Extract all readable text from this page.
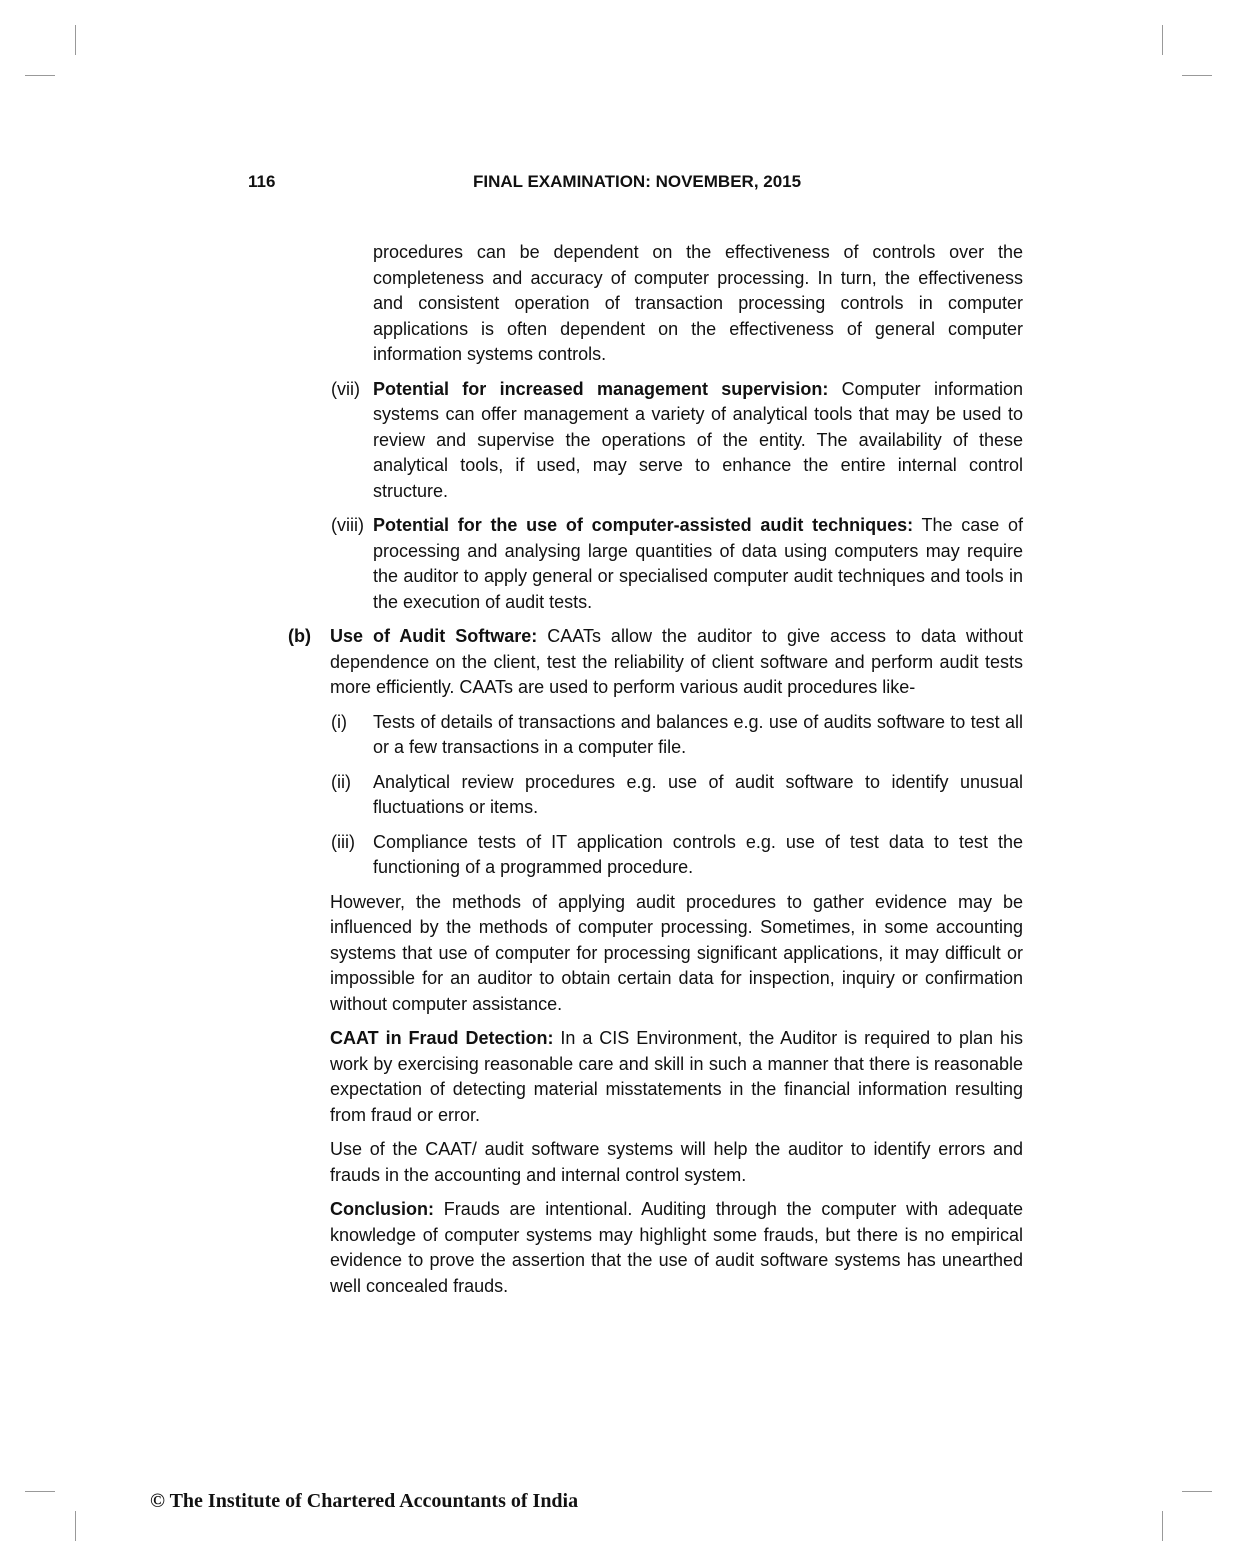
116	FINAL EXAMINATION: NOVEMBER, 2015

procedures can be dependent on the effectiveness of controls over the completeness and accuracy of computer processing. In turn, the effectiveness and consistent operation of transaction processing controls in computer applications is often dependent on the effectiveness of general computer information systems controls.

(vii) Potential for increased management supervision: Computer information systems can offer management a variety of analytical tools that may be used to review and supervise the operations of the entity. The availability of these analytical tools, if used, may serve to enhance the entire internal control structure.

(viii) Potential for the use of computer-assisted audit techniques: The case of processing and analysing large quantities of data using computers may require the auditor to apply general or specialised computer audit techniques and tools in the execution of audit tests.

(b) Use of Audit Software: CAATs allow the auditor to give access to data without dependence on the client, test the reliability of client software and perform audit tests more efficiently. CAATs are used to perform various audit procedures like-

(i) Tests of details of transactions and balances e.g. use of audits software to test all or a few transactions in a computer file.

(ii) Analytical review procedures e.g. use of audit software to identify unusual fluctuations or items.

(iii) Compliance tests of IT application controls e.g. use of test data to test the functioning of a programmed procedure.

However, the methods of applying audit procedures to gather evidence may be influenced by the methods of computer processing. Sometimes, in some accounting systems that use of computer for processing significant applications, it may difficult or impossible for an auditor to obtain certain data for inspection, inquiry or confirmation without computer assistance.

CAAT in Fraud Detection: In a CIS Environment, the Auditor is required to plan his work by exercising reasonable care and skill in such a manner that there is reasonable expectation of detecting material misstatements in the financial information resulting from fraud or error.

Use of the CAAT/ audit software systems will help the auditor to identify errors and frauds in the accounting and internal control system.

Conclusion: Frauds are intentional. Auditing through the computer with adequate knowledge of computer systems may highlight some frauds, but there is no empirical evidence to prove the assertion that the use of audit software systems has unearthed well concealed frauds.

© The Institute of Chartered Accountants of India
